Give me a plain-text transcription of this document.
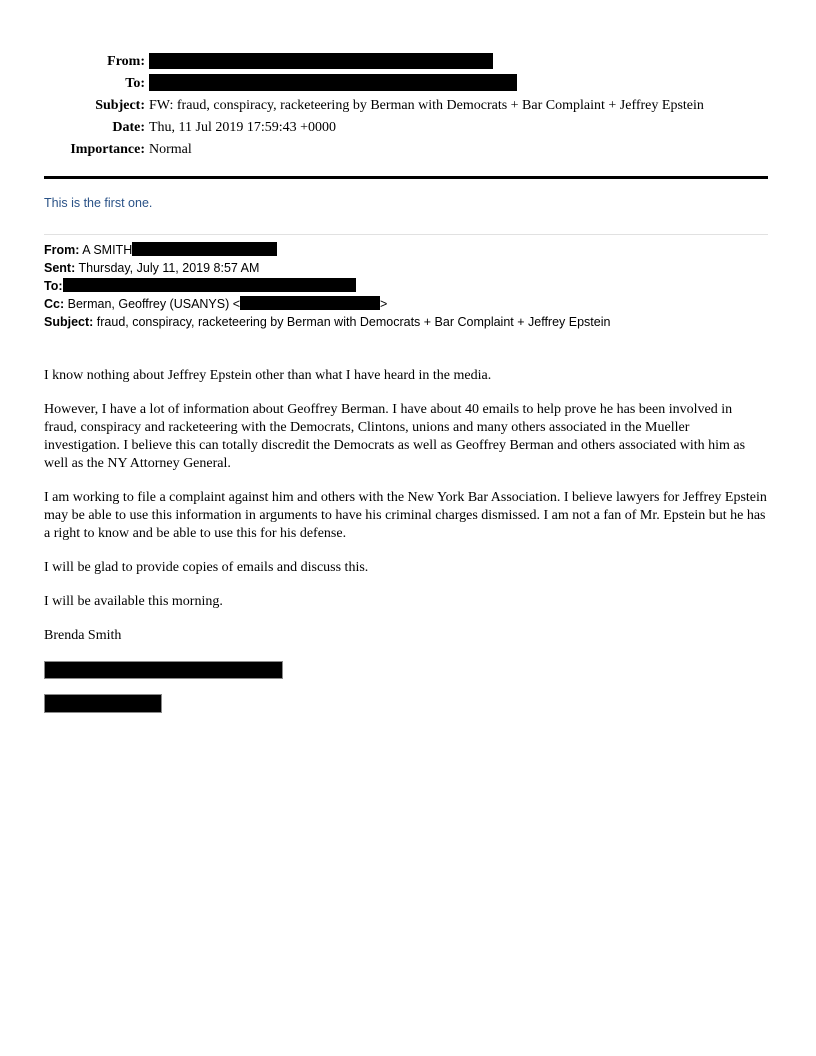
From:
To:
Subject: FW: fraud, conspiracy, racketeering by Berman with Democrats + Bar Complaint + Jeffrey Epstein
Date: Thu, 11 Jul 2019 17:59:43 +0000
Importance: Normal
This is the first one.
From: A SMITH
Sent: Thursday, July 11, 2019 8:57 AM
To:
Cc: Berman, Geoffrey (USANYS) <	>
Subject: fraud, conspiracy, racketeering by Berman with Democrats + Bar Complaint + Jeffrey Epstein

I know nothing about Jeffrey Epstein other than what I have heard in the media.

However, I have a lot of information about Geoffrey Berman. I have about 40 emails to help prove he has been involved in fraud, conspiracy and racketeering with the Democrats, Clintons, unions and many others associated in the Mueller investigation. I believe this can totally discredit the Democrats as well as Geoffrey Berman and others associated with him as well as the NY Attorney General.

I am working to file a complaint against him and others with the New York Bar Association. I believe lawyers for Jeffrey Epstein may be able to use this information in arguments to have his criminal charges dismissed. I am not a fan of Mr. Epstein but he has a right to know and be able to use this for his defense.

I will be glad to provide copies of emails and discuss this.

I will be available this morning.

Brenda Smith
